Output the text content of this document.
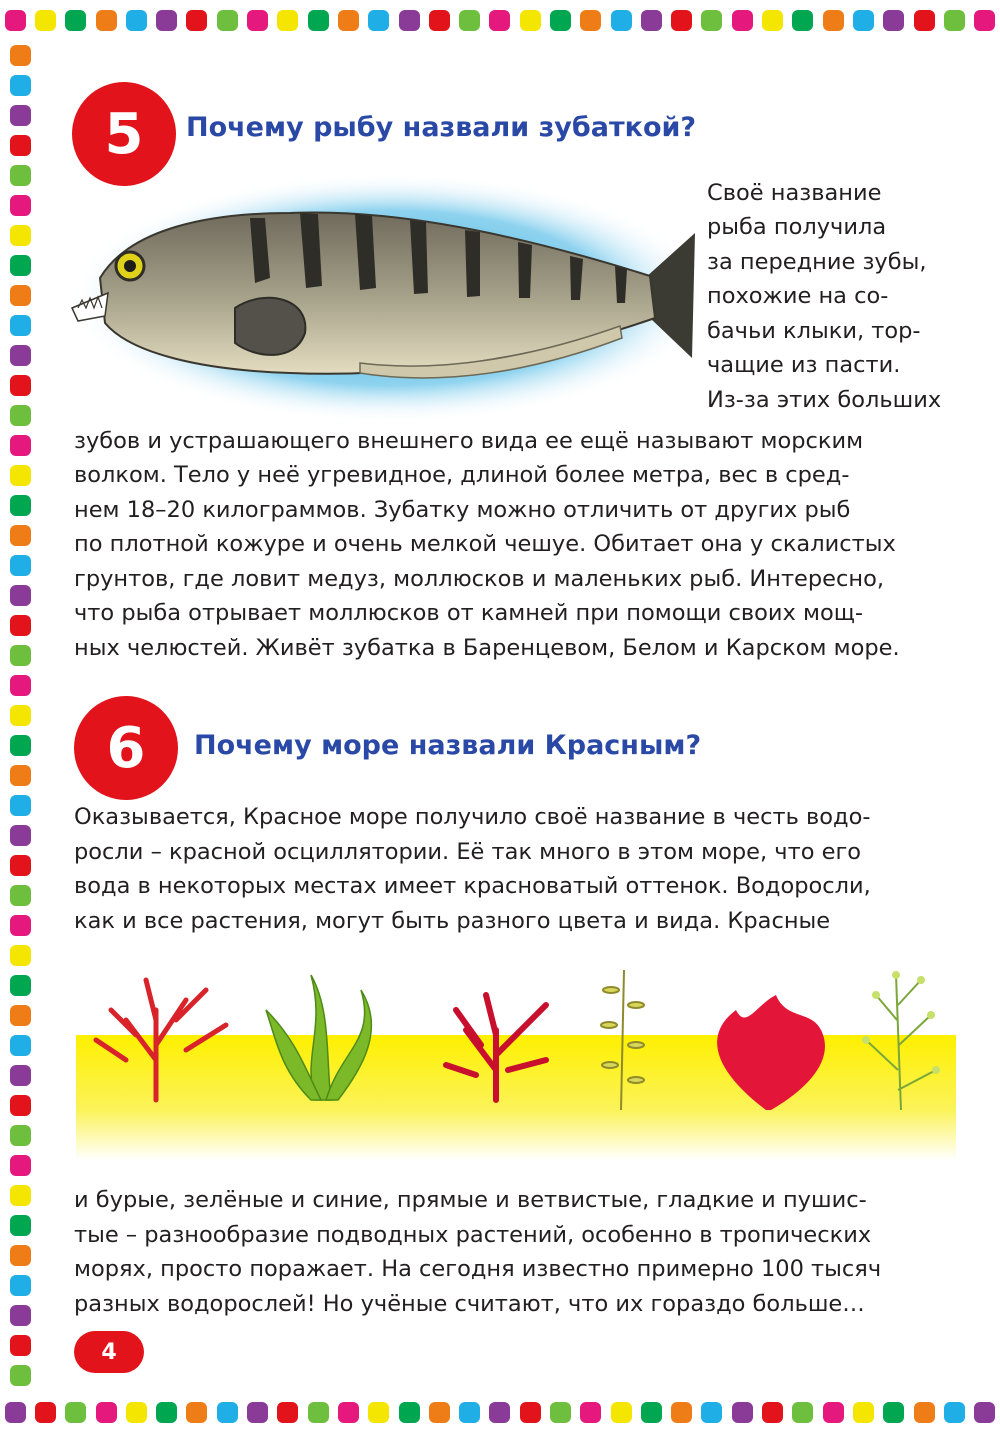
5	Почему рыбу назвали зубаткой?
Своё название
рыба получила
за передние зубы,
похожие на со-
бачьи клыки, тор-
чащие из пасти.
Из-за этих больших
зубов и устрашающего внешнего вида ее ещё называют морским
волком. Тело у неё угревидное, длиной более метра, вес в сред-
нем 18–20 килограммов. Зубатку можно отличить от других рыб
по плотной кожуре и очень мелкой чешуе. Обитает она у скалистых
грунтов, где ловит медуз, моллюсков и маленьких рыб. Интересно,
что рыба отрывает моллюсков от камней при помощи своих мощ-
ных челюстей. Живёт зубатка в Баренцевом, Белом и Карском море.
6	Почему море назвали Красным?
Оказывается, Красное море получило своё название в честь водо-
росли – красной осциллятории. Её так много в этом море, что его
вода в некоторых местах имеет красноватый оттенок. Водоросли,
как и все растения, могут быть разного цвета и вида. Красные
и бурые, зелёные и синие, прямые и ветвистые, гладкие и пушис-
тые – разнообразие подводных растений, особенно в тропических
морях, просто поражает. На сегодня известно примерно 100 тысяч
разных водорослей! Но учёные считают, что их гораздо больше…
4
